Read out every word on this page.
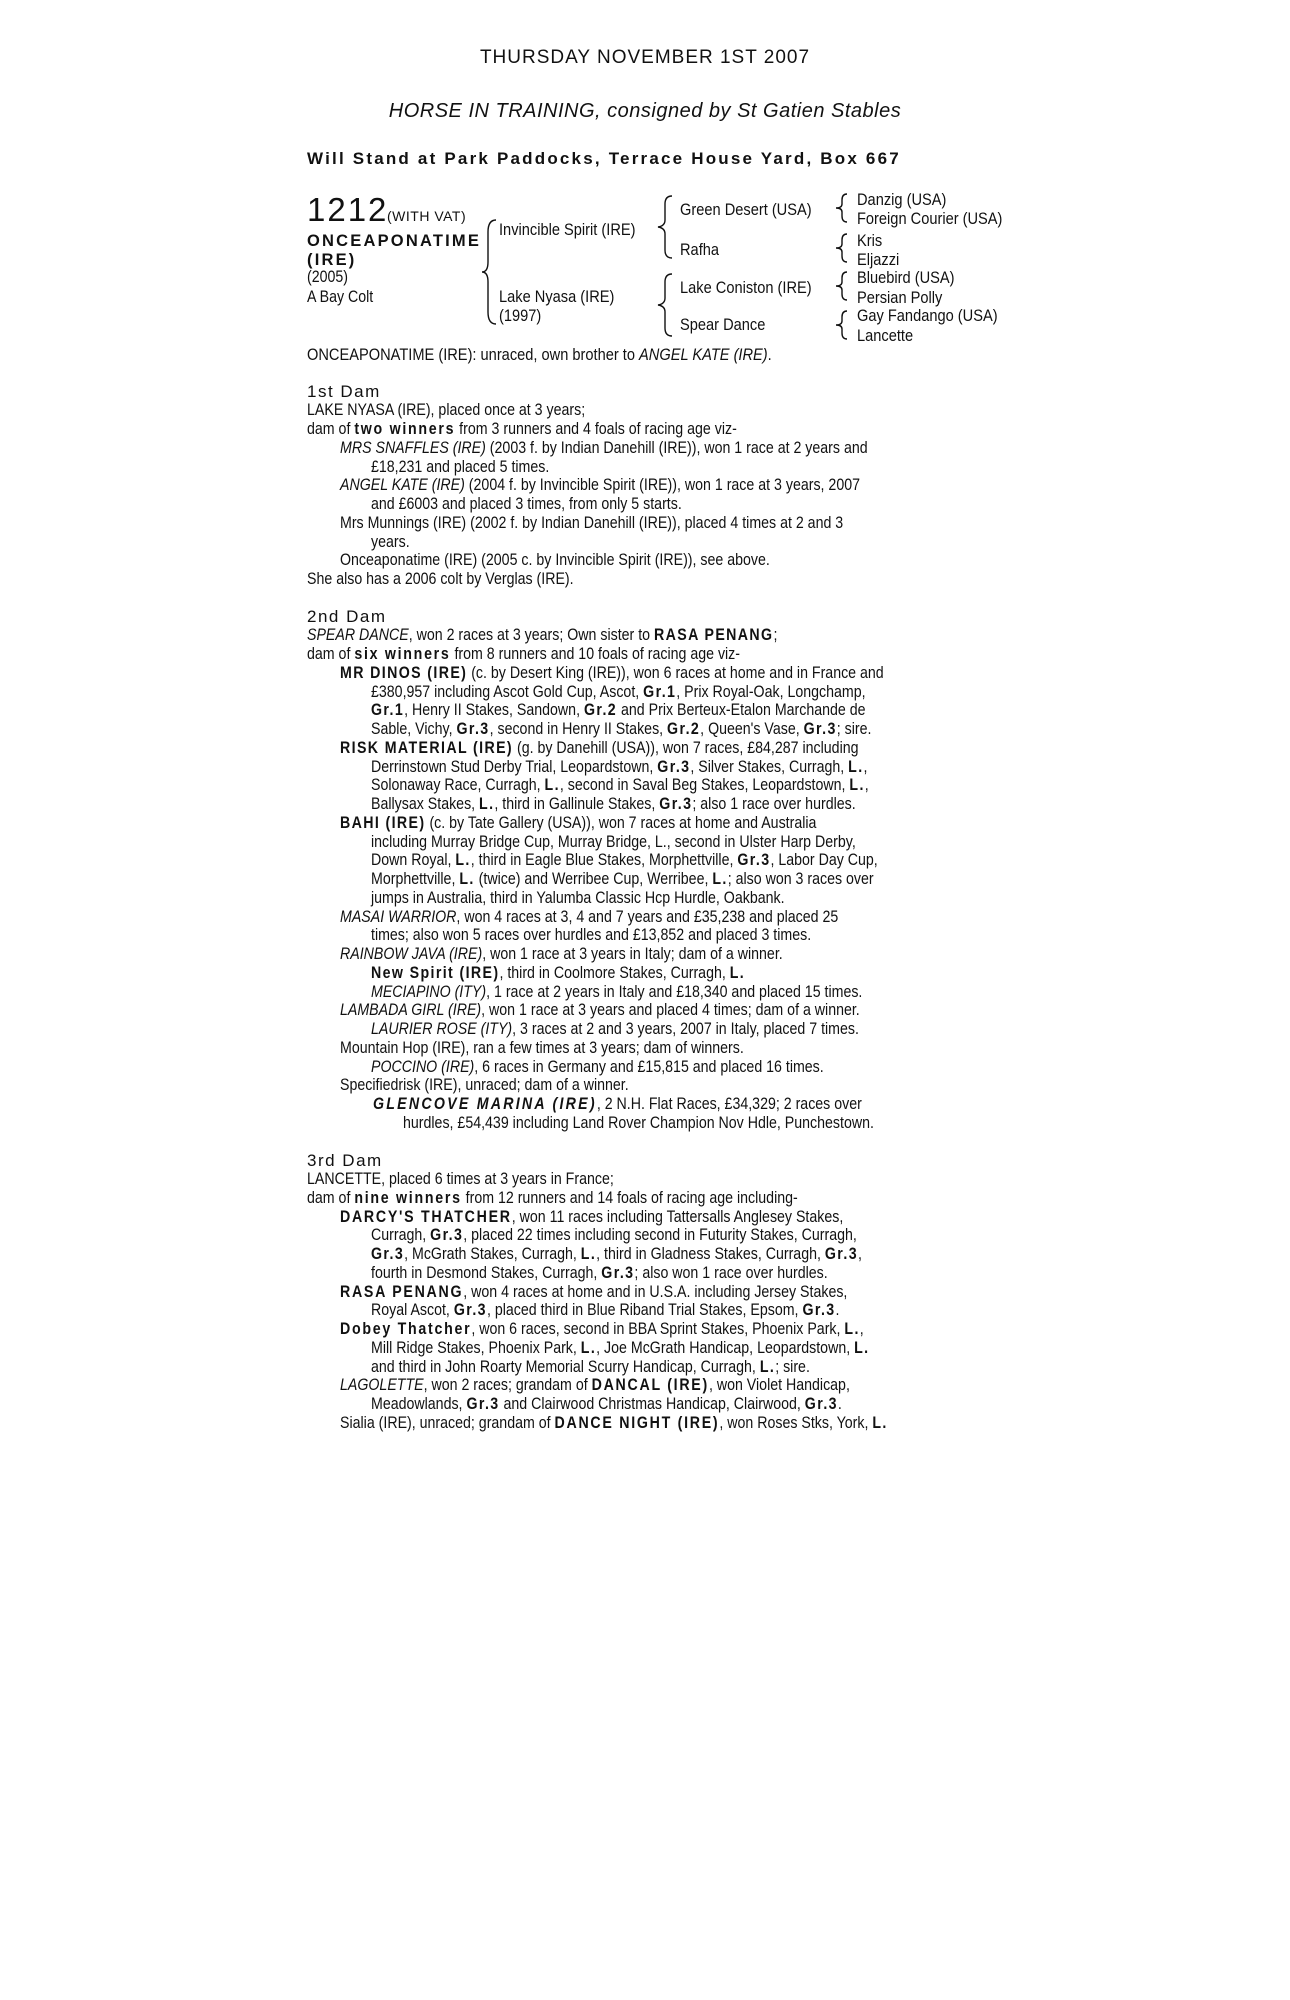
THURSDAY NOVEMBER 1ST 2007
HORSE IN TRAINING, consigned by St Gatien Stables
Will Stand at Park Paddocks, Terrace House Yard, Box 667
1212
(WITH VAT)
ONCEAPONATIME
(IRE)
(2005)
A Bay Colt
Invincible Spirit (IRE)
Lake Nyasa (IRE)
(1997)
Green Desert (USA)
Rafha
Lake Coniston (IRE)
Spear Dance
Danzig (USA)
Foreign Courier (USA)
Kris
Eljazzi
Bluebird (USA)
Persian Polly
Gay Fandango (USA)
Lancette
ONCEAPONATIME (IRE): unraced, own brother to ANGEL KATE (IRE).
1st Dam
LAKE NYASA (IRE), placed once at 3 years;
dam of two winners from 3 runners and 4 foals of racing age viz-
MRS SNAFFLES (IRE) (2003 f. by Indian Danehill (IRE)), won 1 race at 2 years and
£18,231 and placed 5 times.
ANGEL KATE (IRE) (2004 f. by Invincible Spirit (IRE)), won 1 race at 3 years, 2007
and £6003 and placed 3 times, from only 5 starts.
Mrs Munnings (IRE) (2002 f. by Indian Danehill (IRE)), placed 4 times at 2 and 3
years.
Onceaponatime (IRE) (2005 c. by Invincible Spirit (IRE)), see above.
She also has a 2006 colt by Verglas (IRE).
2nd Dam
SPEAR DANCE, won 2 races at 3 years; Own sister to RASA PENANG;
dam of six winners from 8 runners and 10 foals of racing age viz-
MR DINOS (IRE) (c. by Desert King (IRE)), won 6 races at home and in France and
£380,957 including Ascot Gold Cup, Ascot, Gr.1, Prix Royal-Oak, Longchamp,
Gr.1, Henry II Stakes, Sandown, Gr.2 and Prix Berteux-Etalon Marchande de
Sable, Vichy, Gr.3, second in Henry II Stakes, Gr.2, Queen's Vase, Gr.3; sire.
RISK MATERIAL (IRE) (g. by Danehill (USA)), won 7 races, £84,287 including
Derrinstown Stud Derby Trial, Leopardstown, Gr.3, Silver Stakes, Curragh, L.,
Solonaway Race, Curragh, L., second in Saval Beg Stakes, Leopardstown, L.,
Ballysax Stakes, L., third in Gallinule Stakes, Gr.3; also 1 race over hurdles.
BAHI (IRE) (c. by Tate Gallery (USA)), won 7 races at home and Australia
including Murray Bridge Cup, Murray Bridge, L., second in Ulster Harp Derby,
Down Royal, L., third in Eagle Blue Stakes, Morphettville, Gr.3, Labor Day Cup,
Morphettville, L. (twice) and Werribee Cup, Werribee, L.; also won 3 races over
jumps in Australia, third in Yalumba Classic Hcp Hurdle, Oakbank.
MASAI WARRIOR, won 4 races at 3, 4 and 7 years and £35,238 and placed 25
times; also won 5 races over hurdles and £13,852 and placed 3 times.
RAINBOW JAVA (IRE), won 1 race at 3 years in Italy; dam of a winner.
New Spirit (IRE), third in Coolmore Stakes, Curragh, L.
MECIAPINO (ITY), 1 race at 2 years in Italy and £18,340 and placed 15 times.
LAMBADA GIRL (IRE), won 1 race at 3 years and placed 4 times; dam of a winner.
LAURIER ROSE (ITY), 3 races at 2 and 3 years, 2007 in Italy, placed 7 times.
Mountain Hop (IRE), ran a few times at 3 years; dam of winners.
POCCINO (IRE), 6 races in Germany and £15,815 and placed 16 times.
Specifiedrisk (IRE), unraced; dam of a winner.
GLENCOVE MARINA (IRE), 2 N.H. Flat Races, £34,329; 2 races over
hurdles, £54,439 including Land Rover Champion Nov Hdle, Punchestown.
3rd Dam
LANCETTE, placed 6 times at 3 years in France;
dam of nine winners from 12 runners and 14 foals of racing age including-
DARCY'S THATCHER, won 11 races including Tattersalls Anglesey Stakes,
Curragh, Gr.3, placed 22 times including second in Futurity Stakes, Curragh,
Gr.3, McGrath Stakes, Curragh, L., third in Gladness Stakes, Curragh, Gr.3,
fourth in Desmond Stakes, Curragh, Gr.3; also won 1 race over hurdles.
RASA PENANG, won 4 races at home and in U.S.A. including Jersey Stakes,
Royal Ascot, Gr.3, placed third in Blue Riband Trial Stakes, Epsom, Gr.3.
Dobey Thatcher, won 6 races, second in BBA Sprint Stakes, Phoenix Park, L.,
Mill Ridge Stakes, Phoenix Park, L., Joe McGrath Handicap, Leopardstown, L.
and third in John Roarty Memorial Scurry Handicap, Curragh, L.; sire.
LAGOLETTE, won 2 races; grandam of DANCAL (IRE), won Violet Handicap,
Meadowlands, Gr.3 and Clairwood Christmas Handicap, Clairwood, Gr.3.
Sialia (IRE), unraced; grandam of DANCE NIGHT (IRE), won Roses Stks, York, L.
